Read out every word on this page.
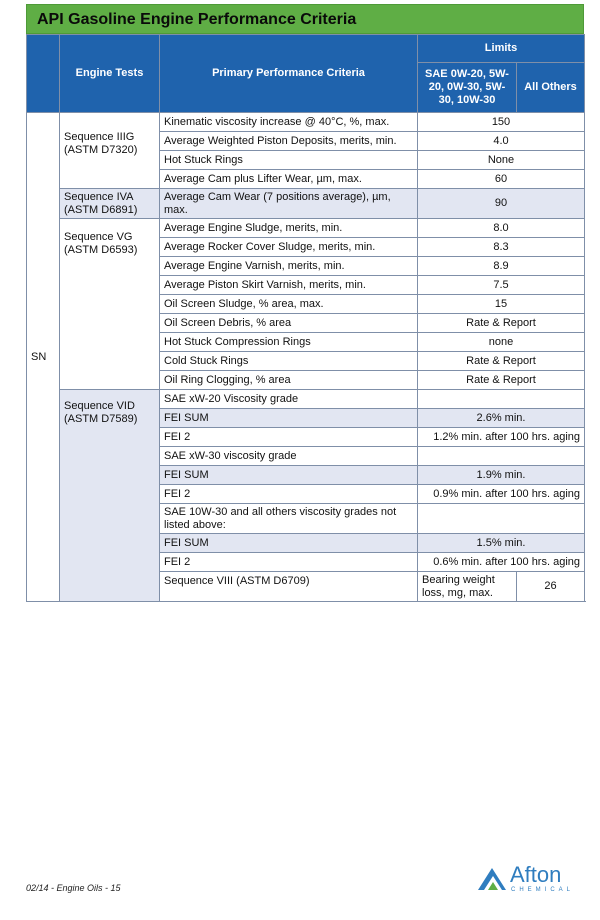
API Gasoline Engine Performance Criteria
	Engine Tests	Primary Performance Criteria	Limits	
			SAE 0W-20, 5W-20, 0W-30, 5W-30, 10W-30	All Others
SN	Sequence IIIG (ASTM D7320)	Kinematic viscosity increase @ 40°C, %, max.	150	
		Average Weighted Piston Deposits, merits, min.	4.0	
		Hot Stuck Rings	None	
		Average Cam plus Lifter Wear, µm, max.	60	
	Sequence IVA (ASTM D6891)	Average Cam Wear (7 positions average), µm, max.	90	
	Sequence VG (ASTM D6593)	Average Engine Sludge, merits, min.	8.0	
		Average Rocker Cover Sludge, merits, min.	8.3	
		Average Engine Varnish, merits, min.	8.9	
		Average Piston Skirt Varnish, merits, min.	7.5	
		Oil Screen Sludge, % area, max.	15	
		Oil Screen Debris, % area	Rate & Report	
		Hot Stuck Compression Rings	none	
		Cold Stuck Rings	Rate & Report	
		Oil Ring Clogging, % area	Rate & Report	
	Sequence VID (ASTM D7589)	SAE xW-20 Viscosity grade		
		FEI SUM	2.6% min.	
		FEI 2	1.2% min. after 100 hrs. aging	
		SAE xW-30 viscosity grade		
		FEI SUM	1.9% min.	
		FEI 2	0.9% min. after 100 hrs. aging	
		SAE 10W-30 and all others viscosity grades not listed above:		
		FEI SUM	1.5% min.	
		FEI 2	0.6% min. after 100 hrs. aging	
		Sequence VIII (ASTM D6709)	Bearing weight loss, mg, max.	26
02/14 - Engine Oils - 15
Afton
CHEMICAL
